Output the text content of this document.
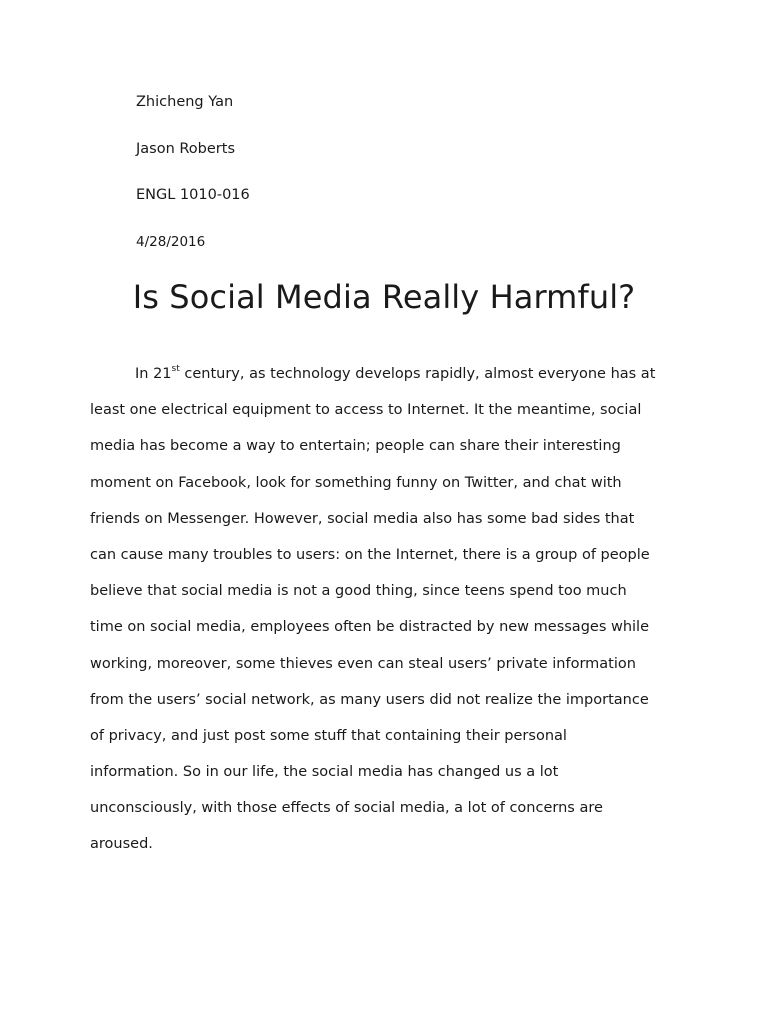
Zhicheng Yan
Jason Roberts
ENGL 1010-016
4/28/2016
Is Social Media Really Harmful?
In 21st century, as technology develops rapidly, almost everyone has at
least one electrical equipment to access to Internet. It the meantime, social
media has become a way to entertain; people can share their interesting
moment on Facebook, look for something funny on Twitter, and chat with
friends on Messenger. However, social media also has some bad sides that
can cause many troubles to users: on the Internet, there is a group of people
believe that social media is not a good thing, since teens spend too much
time on social media, employees often be distracted by new messages while
working, moreover, some thieves even can steal users’ private information
from the users’ social network, as many users did not realize the importance
of privacy, and just post some stuff that containing their personal
information. So in our life, the social media has changed us a lot
unconsciously, with those effects of social media, a lot of concerns are
aroused.
